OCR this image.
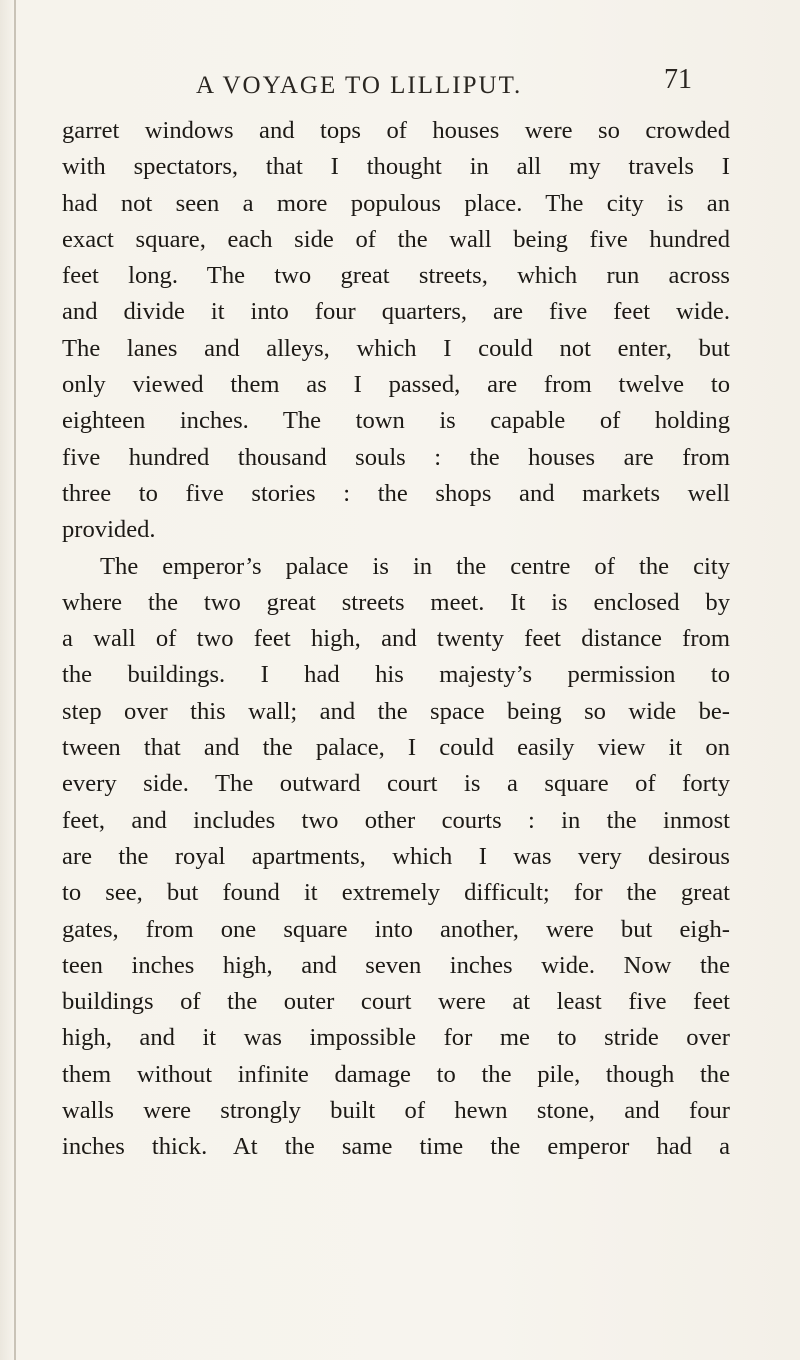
A VOYAGE TO LILLIPUT.	71
garret windows and tops of houses were so crowded
with spectators, that I thought in all my travels I
had not seen a more populous place. The city is an
exact square, each side of the wall being five hundred
feet long. The two great streets, which run across
and divide it into four quarters, are five feet wide.
The lanes and alleys, which I could not enter, but
only viewed them as I passed, are from twelve to
eighteen inches. The town is capable of holding
five hundred thousand souls : the houses are from
three to five stories : the shops and markets well
provided.
The emperor’s palace is in the centre of the city
where the two great streets meet. It is enclosed by
a wall of two feet high, and twenty feet distance from
the buildings. I had his majesty’s permission to
step over this wall; and the space being so wide be-
tween that and the palace, I could easily view it on
every side. The outward court is a square of forty
feet, and includes two other courts : in the inmost
are the royal apartments, which I was very desirous
to see, but found it extremely difficult; for the great
gates, from one square into another, were but eigh-
teen inches high, and seven inches wide. Now the
buildings of the outer court were at least five feet
high, and it was impossible for me to stride over
them without infinite damage to the pile, though the
walls were strongly built of hewn stone, and four
inches thick. At the same time the emperor had a
